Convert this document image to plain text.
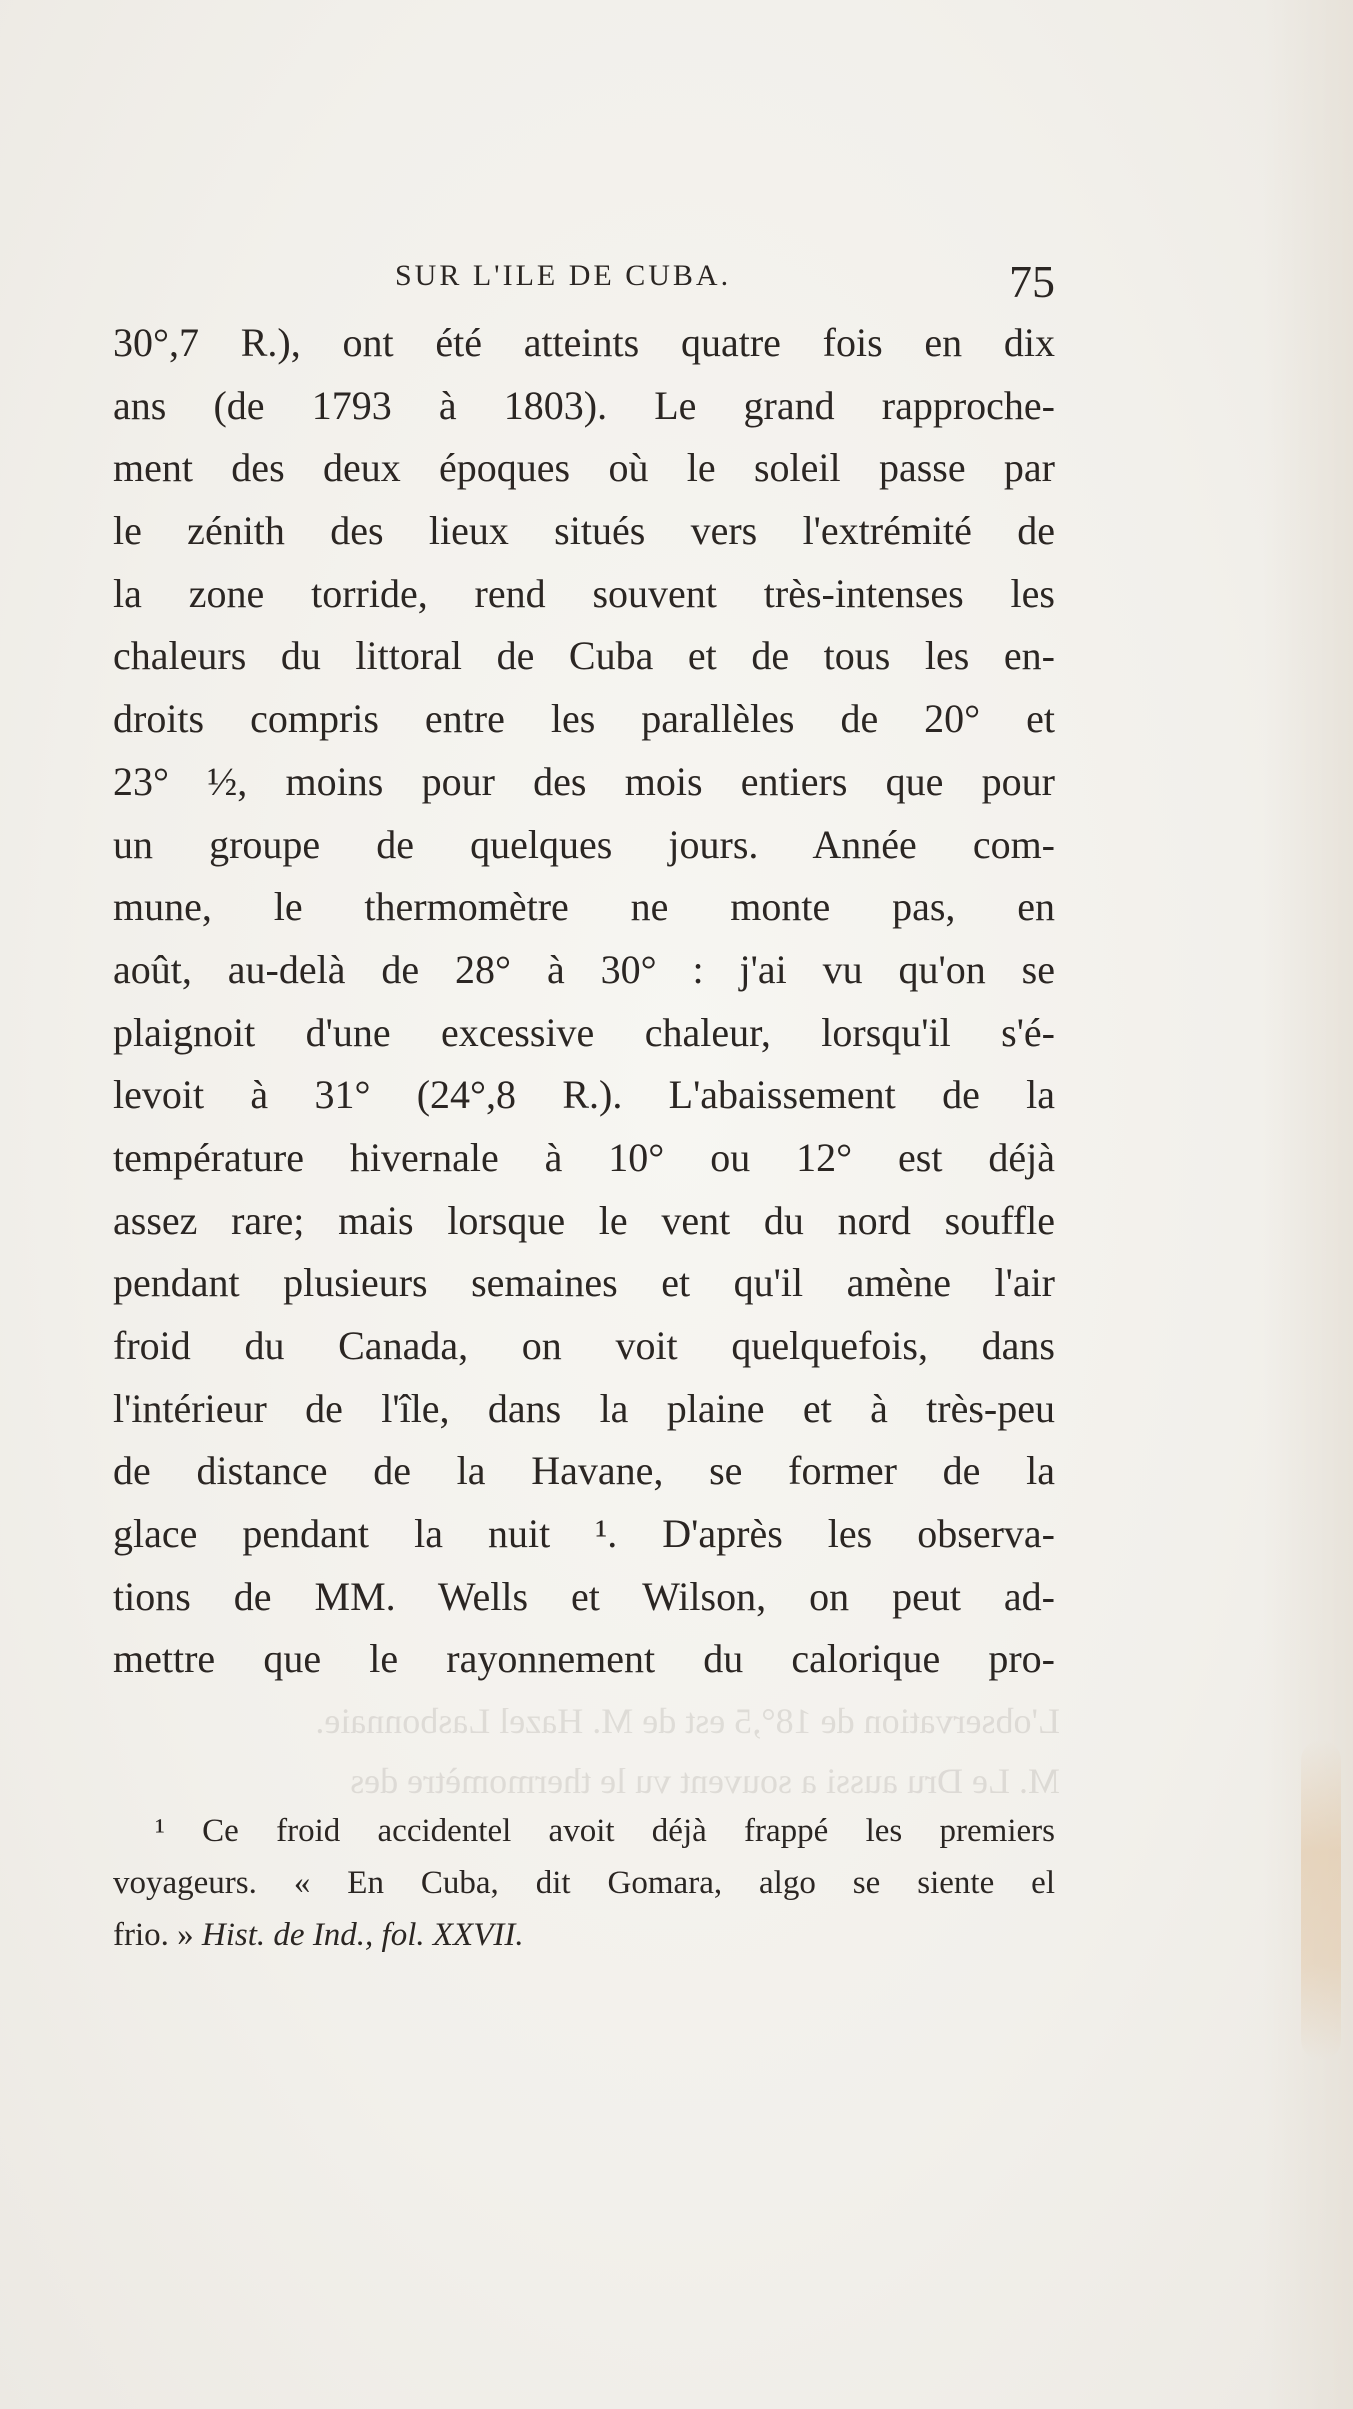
SUR L'ILE DE CUBA.	75
30°,7 R.), ont été atteints quatre fois en dix
ans (de 1793 à 1803). Le grand rapproche-
ment des deux époques où le soleil passe par
le zénith des lieux situés vers l'extrémité de
la zone torride, rend souvent très-intenses les
chaleurs du littoral de Cuba et de tous les en-
droits compris entre les parallèles de 20° et
23° ½, moins pour des mois entiers que pour
un groupe de quelques jours. Année com-
mune, le thermomètre ne monte pas, en
août, au-delà de 28° à 30° : j'ai vu qu'on se
plaignoit d'une excessive chaleur, lorsqu'il s'é-
levoit à 31° (24°,8 R.). L'abaissement de la
température hivernale à 10° ou 12° est déjà
assez rare; mais lorsque le vent du nord souffle
pendant plusieurs semaines et qu'il amène l'air
froid du Canada, on voit quelquefois, dans
l'intérieur de l'île, dans la plaine et à très-peu
de distance de la Havane, se former de la
glace pendant la nuit ¹. D'après les observa-
tions de MM. Wells et Wilson, on peut ad-
mettre que le rayonnement du calorique pro-
L'observation de 18°,5 est de M. Hazel Lasbonnaie.
M. Le Dru aussi a souvent vu le thermomètre des
¹ Ce froid accidentel avoit déjà frappé les premiers
voyageurs. « En Cuba, dit Gomara, algo se siente el
frio. » Hist. de Ind., fol. XXVII.
